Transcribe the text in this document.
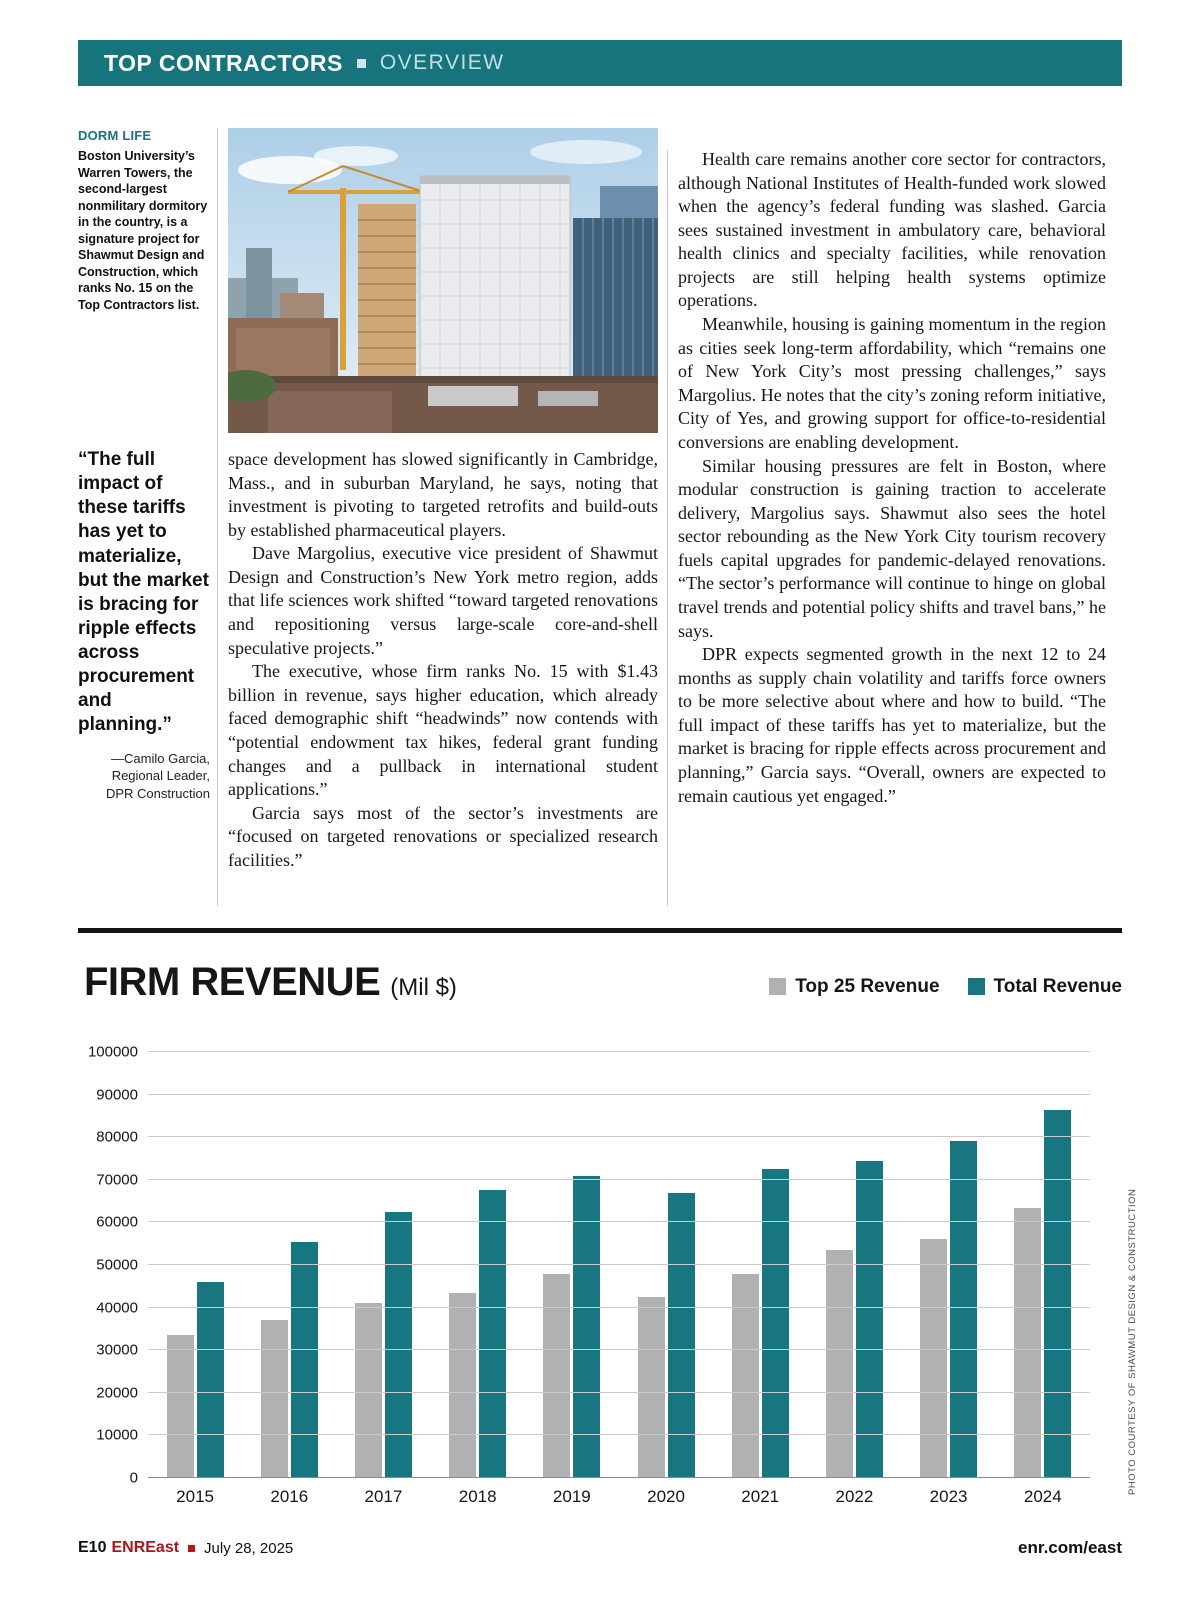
TOP CONTRACTORS OVERVIEW
DORM LIFE
Boston University’s Warren Towers, the second-largest nonmilitary dormitory in the country, is a signature project for Shawmut Design and Construction, which ranks No. 15 on the Top Contractors list.
“The full impact of these tariffs has yet to materialize, but the market is bracing for ripple effects across procurement and planning.”
—Camilo Garcia,
Regional Leader,
DPR Construction

space development has slowed significantly in Cambridge, Mass., and in suburban Maryland, he says, noting that investment is pivoting to targeted retrofits and build-outs by established pharmaceutical players.

Dave Margolius, executive vice president of Shawmut Design and Construction’s New York metro region, adds that life sciences work shifted “toward targeted renovations and repositioning versus large-scale core-and-shell speculative projects.”

The executive, whose firm ranks No. 15 with $1.43 billion in revenue, says higher education, which already faced demographic shift “headwinds” now contends with “potential endowment tax hikes, federal grant funding changes and a pullback in international student applications.”

Garcia says most of the sector’s investments are “focused on targeted renovations or specialized research facilities.”

Health care remains another core sector for contractors, although National Institutes of Health-funded work slowed when the agency’s federal funding was slashed. Garcia sees sustained investment in ambulatory care, behavioral health clinics and specialty facilities, while renovation projects are still helping health systems optimize operations.

Meanwhile, housing is gaining momentum in the region as cities seek long-term affordability, which “remains one of New York City’s most pressing challenges,” says Margolius. He notes that the city’s zoning reform initiative, City of Yes, and growing support for office-to-residential conversions are enabling development.

Similar housing pressures are felt in Boston, where modular construction is gaining traction to accelerate delivery, Margolius says. Shawmut also sees the hotel sector rebounding as the New York City tourism recovery fuels capital upgrades for pandemic-delayed renovations. “The sector’s performance will continue to hinge on global travel trends and potential policy shifts and travel bans,” he says.

DPR expects segmented growth in the next 12 to 24 months as supply chain volatility and tariffs force owners to be more selective about where and how to build. “The full impact of these tariffs has yet to materialize, but the market is bracing for ripple effects across procurement and planning,” Garcia says. “Overall, owners are expected to remain cautious yet engaged.”

FIRM REVENUE (Mil $)	Top 25 Revenue	Total Revenue
0
10000
20000
30000
40000
50000
60000
70000
80000
90000
100000
2015	2016	2017	2018	2019	2020	2021	2022	2023	2024
PHOTO COURTESY OF SHAWMUT DESIGN & CONSTRUCTION
E10 ENREast July 28, 2025	enr.com/east
